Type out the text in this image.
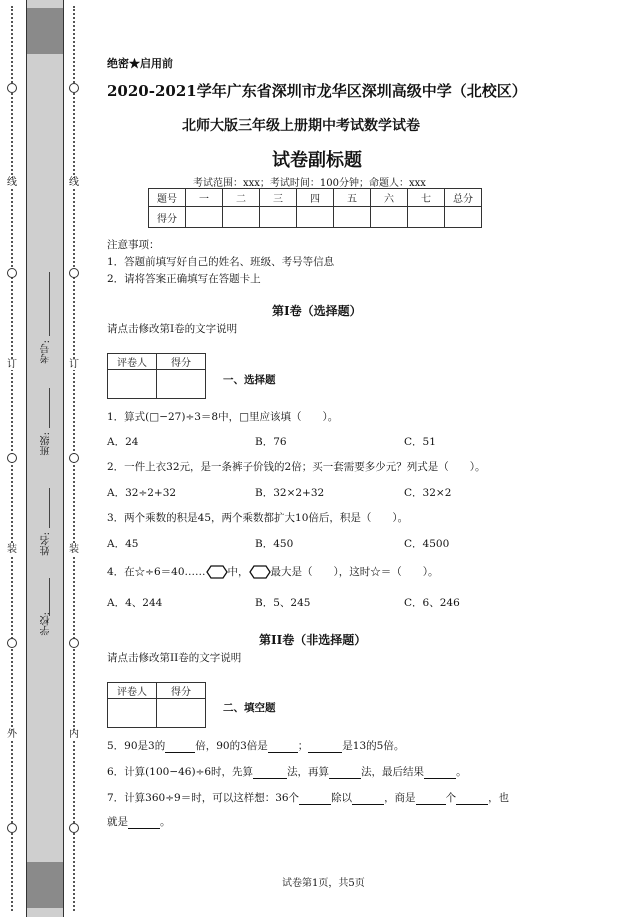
线
订
装
外
学校:
姓名:
班级:
考号:
线
订
装
内
绝密★启用前
2020-2021学年广东省深圳市龙华区深圳高级中学（北校区）
北师大版三年级上册期中考试数学试卷
试卷副标题
考试范围：xxx；考试时间：100分钟；命题人：xxx
题号	一	二	三	四	五	六	七	总分
得分								
注意事项：
1．答题前填写好自己的姓名、班级、考号等信息
2．请将答案正确填写在答题卡上
第I卷（选择题）
请点击修改第I卷的文字说明
评卷人	得分

一、选择题
1．算式(□−27)÷3＝8中，□里应该填（　　）。
A．24	B．76	C．51
2．一件上衣32元，是一条裤子价钱的2倍；买一套需要多少元？列式是（　　）。
A．32÷2+32	B．32×2+32	C．32×2
3．两个乘数的积是45，两个乘数都扩大10倍后，积是（　　）。
A．45	B．450	C．4500
4．在☆÷6＝40…… 中， 最大是（　　），这时☆＝（　　）。
A．4、244	B．5、245	C．6、246
第II卷（非选择题）
请点击修改第II卷的文字说明
评卷人	得分

二、填空题
5．90是3的	倍，90的3倍是	；	是13的5倍。
6．计算(100−46)÷6时，先算	法，再算	法，最后结果	。
7．计算360÷9＝时，可以这样想：36个	除以	，商是	个	，也
就是	。
试卷第1页，共5页
